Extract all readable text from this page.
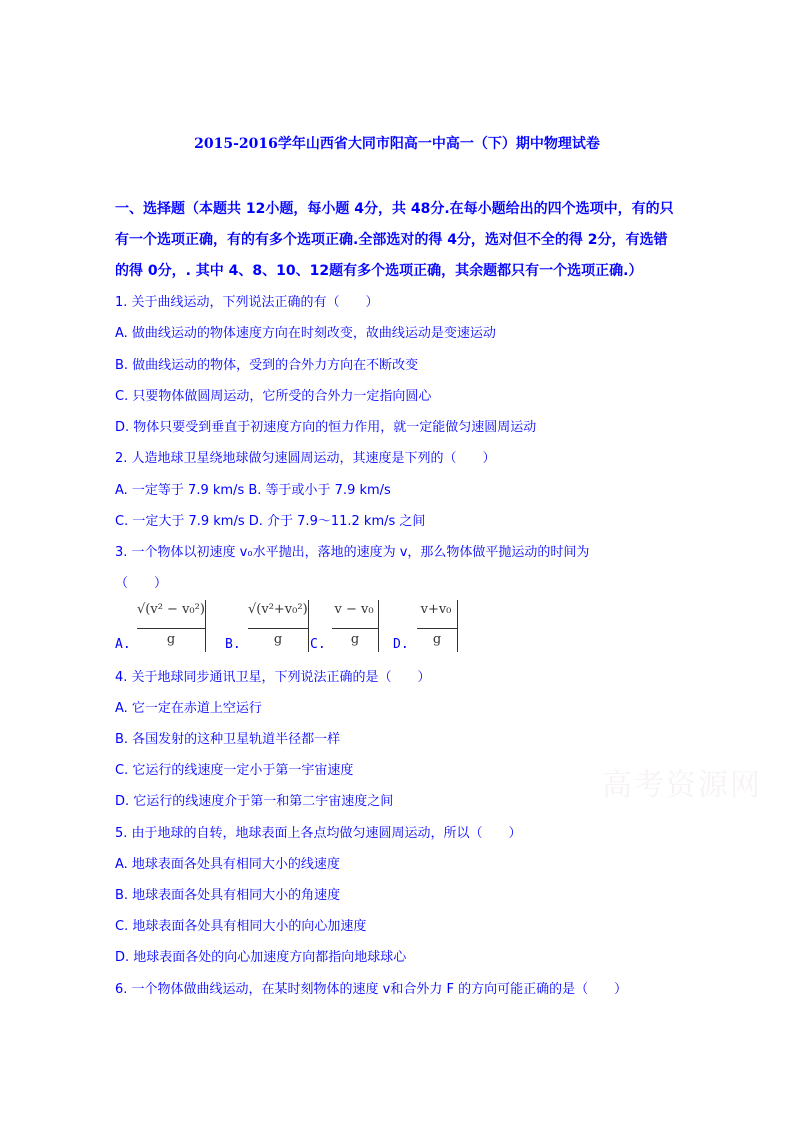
2015-2016学年山西省大同市阳高一中高一（下）期中物理试卷
一、选择题（本题共 12小题，每小题 4分，共 48分.在每小题给出的四个选项中，有的只
有一个选项正确，有的有多个选项正确.全部选对的得 4分，选对但不全的得 2分，有选错
的得 0分，. 其中 4、8、10、12题有多个选项正确，其余题都只有一个选项正确.）
1. 关于曲线运动，下列说法正确的有（　　）
A. 做曲线运动的物体速度方向在时刻改变，故曲线运动是变速运动
B. 做曲线运动的物体，受到的合外力方向在不断改变
C. 只要物体做圆周运动，它所受的合外力一定指向圆心
D. 物体只要受到垂直于初速度方向的恒力作用，就一定能做匀速圆周运动
2. 人造地球卫星绕地球做匀速圆周运动，其速度是下列的（　　）
A. 一定等于 7.9 km/s B. 等于或小于 7.9 km/s
C. 一定大于 7.9 km/s D. 介于 7.9～11.2 km/s 之间
3. 一个物体以初速度 v₀水平抛出，落地的速度为 v，那么物体做平抛运动的时间为
（　　）
A.
√(v² − v₀²)
g	B.
√(v²+v₀²)
g	C.
v − v₀
g	D.
v+v₀
g
4. 关于地球同步通讯卫星，下列说法正确的是（　　）
A. 它一定在赤道上空运行
B. 各国发射的这种卫星轨道半径都一样
C. 它运行的线速度一定小于第一宇宙速度
D. 它运行的线速度介于第一和第二宇宙速度之间
5. 由于地球的自转，地球表面上各点均做匀速圆周运动，所以（　　）
A. 地球表面各处具有相同大小的线速度
B. 地球表面各处具有相同大小的角速度
C. 地球表面各处具有相同大小的向心加速度
D. 地球表面各处的向心加速度方向都指向地球球心
6. 一个物体做曲线运动，在某时刻物体的速度 v和合外力 F 的方向可能正确的是（　　）
高考资源网
